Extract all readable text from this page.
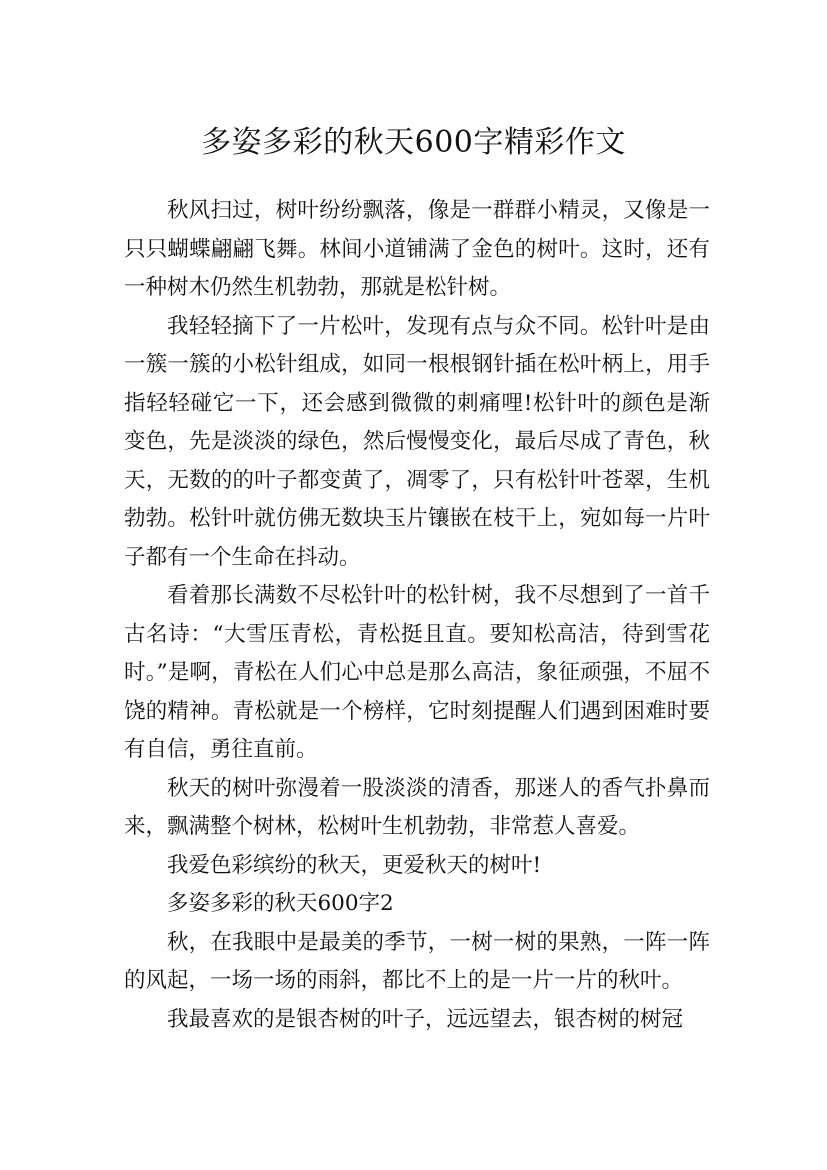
多姿多彩的秋天600字精彩作文

秋风扫过，树叶纷纷飘落，像是一群群小精灵，又像是一只只蝴蝶翩翩飞舞。林间小道铺满了金色的树叶。这时，还有一种树木仍然生机勃勃，那就是松针树。

我轻轻摘下了一片松叶，发现有点与众不同。松针叶是由一簇一簇的小松针组成，如同一根根钢针插在松叶柄上，用手指轻轻碰它一下，还会感到微微的刺痛哩!松针叶的颜色是渐变色，先是淡淡的绿色，然后慢慢变化，最后尽成了青色，秋天，无数的的叶子都变黄了，凋零了，只有松针叶苍翠，生机勃勃。松针叶就仿佛无数块玉片镶嵌在枝干上，宛如每一片叶子都有一个生命在抖动。

看着那长满数不尽松针叶的松针树，我不尽想到了一首千古名诗：“大雪压青松，青松挺且直。要知松高洁，待到雪花时。”是啊，青松在人们心中总是那么高洁，象征顽强，不屈不饶的精神。青松就是一个榜样，它时刻提醒人们遇到困难时要有自信，勇往直前。

秋天的树叶弥漫着一股淡淡的清香，那迷人的香气扑鼻而来，飘满整个树林，松树叶生机勃勃，非常惹人喜爱。

我爱色彩缤纷的秋天，更爱秋天的树叶!

多姿多彩的秋天600字2

秋，在我眼中是最美的季节，一树一树的果熟，一阵一阵的风起，一场一场的雨斜，都比不上的是一片一片的秋叶。

我最喜欢的是银杏树的叶子，远远望去，银杏树的树冠
